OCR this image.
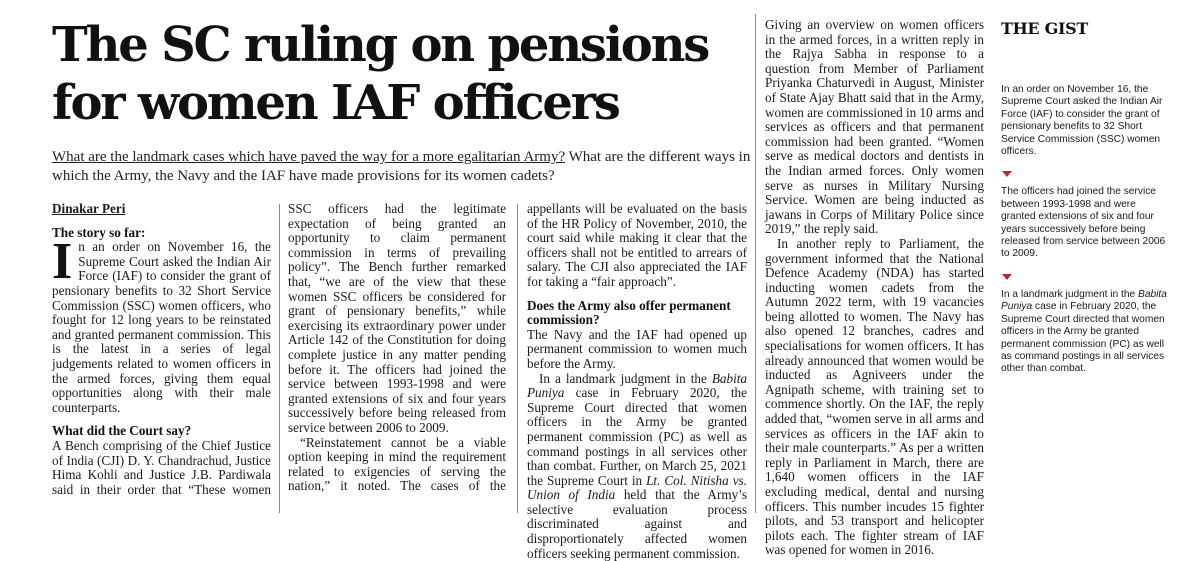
The SC ruling on pensions for women IAF officers

What are the landmark cases which have paved the way for a more egalitarian Army? What are the different ways in which the Army, the Navy and the IAF have made provisions for its women cadets?

Dinakar Peri

The story so far:

In an order on November 16, the Supreme Court asked the Indian Air Force (IAF) to consider the grant of pensionary benefits to 32 Short Service Commission (SSC) women officers, who fought for 12 long years to be reinstated and granted permanent commission. This is the latest in a series of legal judgements related to women officers in the armed forces, giving them equal opportunities along with their male counterparts.

What did the Court say?

A Bench comprising of the Chief Justice of India (CJI) D. Y. Chandrachud, Justice Hima Kohli and Justice J.B. Pardiwala said in their order that “These women

SSC officers had the legitimate expectation of being granted an opportunity to claim permanent commission in terms of prevailing policy”. The Bench further remarked that, “we are of the view that these women SSC officers be considered for grant of pensionary benefits,” while exercising its extraordinary power under Article 142 of the Constitution for doing complete justice in any matter pending before it. The officers had joined the service between 1993-1998 and were granted extensions of six and four years successively before being released from service between 2006 to 2009.

“Reinstatement cannot be a viable option keeping in mind the requirement related to exigencies of serving the nation,” it noted. The cases of the

appellants will be evaluated on the basis of the HR Policy of November, 2010, the court said while making it clear that the officers shall not be entitled to arrears of salary. The CJI also appreciated the IAF for taking a “fair approach”.

Does the Army also offer permanent commission?

The Navy and the IAF had opened up permanent commission to women much before the Army.

In a landmark judgment in the Babita Puniya case in February 2020, the Supreme Court directed that women officers in the Army be granted permanent commission (PC) as well as command postings in all services other than combat. Further, on March 25, 2021 the Supreme Court in Lt. Col. Nitisha vs. Union of India held that the Army’s selective evaluation process discriminated against and disproportionately affected women officers seeking permanent commission.

Giving an overview on women officers in the armed forces, in a written reply in the Rajya Sabha in response to a question from Member of Parliament Priyanka Chaturvedi in August, Minister of State Ajay Bhatt said that in the Army, women are commissioned in 10 arms and services as officers and that permanent commission had been granted. “Women serve as medical doctors and dentists in the Indian armed forces. Only women serve as nurses in Military Nursing Service. Women are being inducted as jawans in Corps of Military Police since 2019,” the reply said.

In another reply to Parliament, the government informed that the National Defence Academy (NDA) has started inducting women cadets from the Autumn 2022 term, with 19 vacancies being allotted to women. The Navy has also opened 12 branches, cadres and specialisations for women officers. It has already announced that women would be inducted as Agniveers under the Agnipath scheme, with training set to commence shortly. On the IAF, the reply added that, “women serve in all arms and services as officers in the IAF akin to their male counterparts.” As per a written reply in Parliament in March, there are 1,640 women officers in the IAF excluding medical, dental and nursing officers. This number incudes 15 fighter pilots, and 53 transport and helicopter pilots each. The fighter stream of IAF was opened for women in 2016.

THE GIST

In an order on November 16, the Supreme Court asked the Indian Air Force (IAF) to consider the grant of pensionary benefits to 32 Short Service Commission (SSC) women officers.

The officers had joined the service between 1993-1998 and were granted extensions of six and four years successively before being released from service between 2006 to 2009.

In a landmark judgment in the Babita Puniya case in February 2020, the Supreme Court directed that women officers in the Army be granted permanent commission (PC) as well as command postings in all services other than combat.
